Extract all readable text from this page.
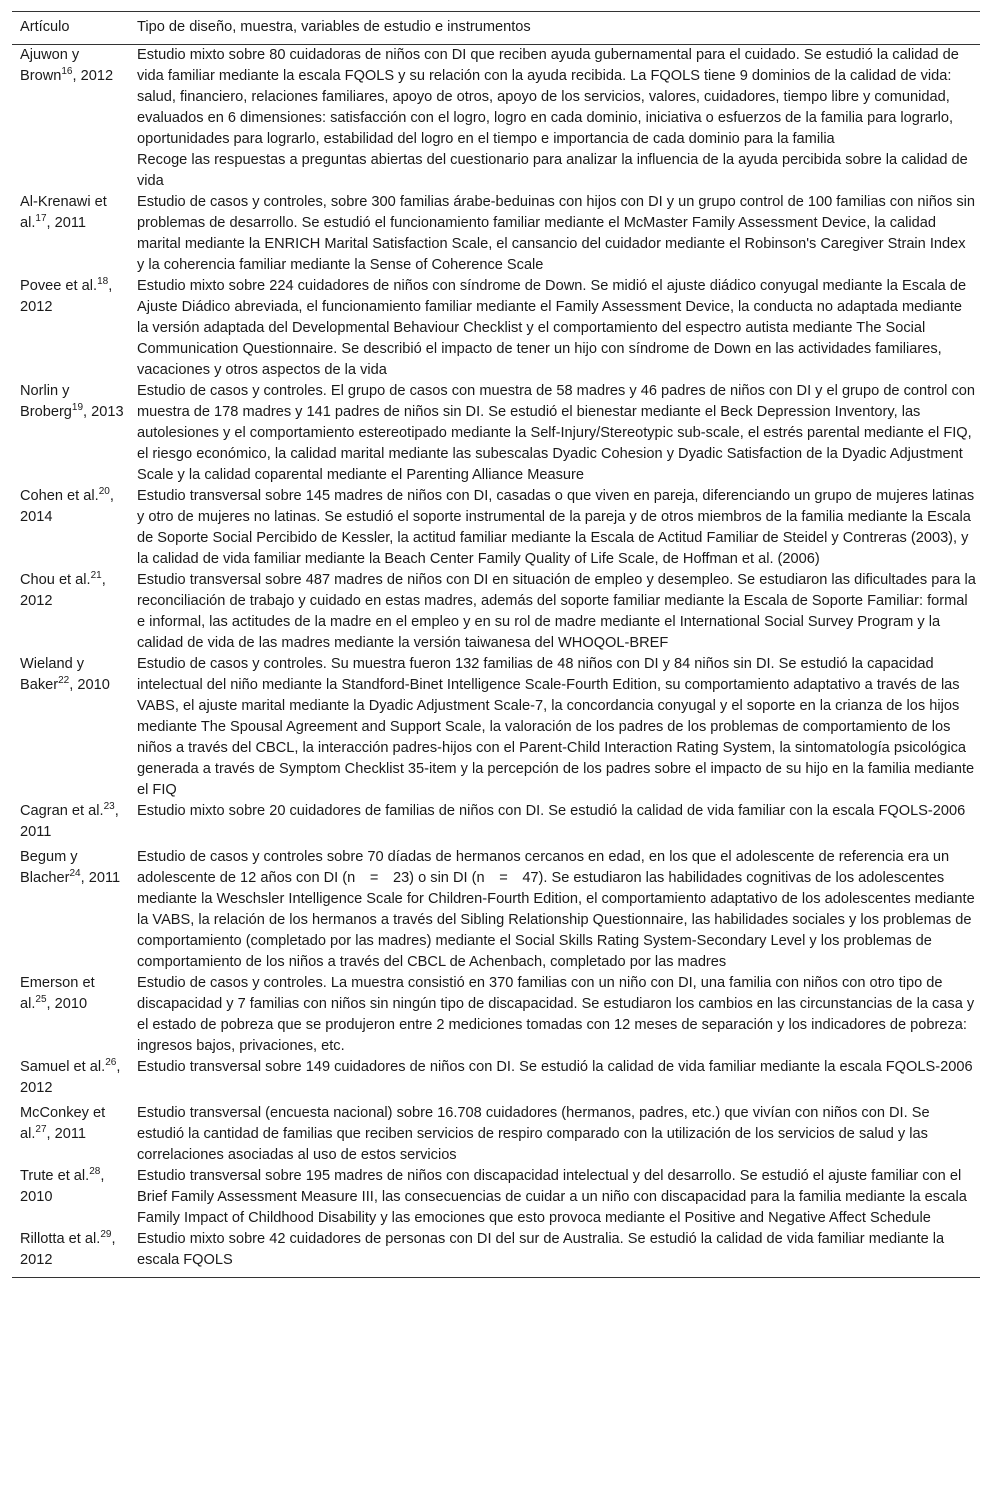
Artículo	Tipo de diseño, muestra, variables de estudio e instrumentos
Ajuwon y Brown$^{16}$, 2012	Estudio mixto sobre 80 cuidadoras de niños con DI que reciben ayuda gubernamental para el cuidado. Se estudió la calidad de vida familiar mediante la escala FQOLS y su relación con la ayuda recibida. La FQOLS tiene 9 dominios de la calidad de vida: salud, financiero, relaciones familiares, apoyo de otros, apoyo de los servicios, valores, cuidadores, tiempo libre y comunidad, evaluados en 6 dimensiones: satisfacción con el logro, logro en cada dominio, iniciativa o esfuerzos de la familia para lograrlo, oportunidades para lograrlo, estabilidad del logro en el tiempo e importancia de cada dominio para la familia
Recoge las respuestas a preguntas abiertas del cuestionario para analizar la influencia de la ayuda percibida sobre la calidad de vida

Al-Krenawi et al.$^{17}$, 2011	Estudio de casos y controles, sobre 300 familias árabe-beduinas con hijos con DI y un grupo control de 100 familias con niños sin problemas de desarrollo. Se estudió el funcionamiento familiar mediante el McMaster Family Assessment Device, la calidad marital mediante la ENRICH Marital Satisfaction Scale, el cansancio del cuidador mediante el Robinson's Caregiver Strain Index y la coherencia familiar mediante la Sense of Coherence Scale

Povee et al.$^{18}$, 2012	Estudio mixto sobre 224 cuidadores de niños con síndrome de Down. Se midió el ajuste diádico conyugal mediante la Escala de Ajuste Diádico abreviada, el funcionamiento familiar mediante el Family Assessment Device, la conducta no adaptada mediante la versión adaptada del Developmental Behaviour Checklist y el comportamiento del espectro autista mediante The Social Communication Questionnaire. Se describió el impacto de tener un hijo con síndrome de Down en las actividades familiares, vacaciones y otros aspectos de la vida

Norlin y Broberg$^{19}$, 2013	Estudio de casos y controles. El grupo de casos con muestra de 58 madres y 46 padres de niños con DI y el grupo de control con muestra de 178 madres y 141 padres de niños sin DI. Se estudió el bienestar mediante el Beck Depression Inventory, las autolesiones y el comportamiento estereotipado mediante la Self-Injury/Stereotypic sub-scale, el estrés parental mediante el FIQ, el riesgo económico, la calidad marital mediante las subescalas Dyadic Cohesion y Dyadic Satisfaction de la Dyadic Adjustment Scale y la calidad coparental mediante el Parenting Alliance Measure

Cohen et al.$^{20}$, 2014	Estudio transversal sobre 145 madres de niños con DI, casadas o que viven en pareja, diferenciando un grupo de mujeres latinas y otro de mujeres no latinas. Se estudió el soporte instrumental de la pareja y de otros miembros de la familia mediante la Escala de Soporte Social Percibido de Kessler, la actitud familiar mediante la Escala de Actitud Familiar de Steidel y Contreras (2003), y la calidad de vida familiar mediante la Beach Center Family Quality of Life Scale, de Hoffman et al. (2006)

Chou et al.$^{21}$, 2012	Estudio transversal sobre 487 madres de niños con DI en situación de empleo y desempleo. Se estudiaron las dificultades para la reconciliación de trabajo y cuidado en estas madres, además del soporte familiar mediante la Escala de Soporte Familiar: formal e informal, las actitudes de la madre en el empleo y en su rol de madre mediante el International Social Survey Program y la calidad de vida de las madres mediante la versión taiwanesa del WHOQOL-BREF

Wieland y Baker$^{22}$, 2010	Estudio de casos y controles. Su muestra fueron 132 familias de 48 niños con DI y 84 niños sin DI. Se estudió la capacidad intelectual del niño mediante la Standford-Binet Intelligence Scale-Fourth Edition, su comportamiento adaptativo a través de las VABS, el ajuste marital mediante la Dyadic Adjustment Scale-7, la concordancia conyugal y el soporte en la crianza de los hijos mediante The Spousal Agreement and Support Scale, la valoración de los padres de los problemas de comportamiento de los niños a través del CBCL, la interacción padres-hijos con el Parent-Child Interaction Rating System, la sintomatología psicológica generada a través de Symptom Checklist 35-item y la percepción de los padres sobre el impacto de su hijo en la familia mediante el FIQ

Cagran et al.$^{23}$, 2011	Estudio mixto sobre 20 cuidadores de familias de niños con DI. Se estudió la calidad de vida familiar con la escala FQOLS-2006

Begum y Blacher$^{24}$, 2011	Estudio de casos y controles sobre 70 díadas de hermanos cercanos en edad, en los que el adolescente de referencia era un adolescente de 12 años con DI (n = 23) o sin DI (n = 47). Se estudiaron las habilidades cognitivas de los adolescentes mediante la Weschsler Intelligence Scale for Children-Fourth Edition, el comportamiento adaptativo de los adolescentes mediante la VABS, la relación de los hermanos a través del Sibling Relationship Questionnaire, las habilidades sociales y los problemas de comportamiento (completado por las madres) mediante el Social Skills Rating System-Secondary Level y los problemas de comportamiento de los niños a través del CBCL de Achenbach, completado por las madres

Emerson et al.$^{25}$, 2010	Estudio de casos y controles. La muestra consistió en 370 familias con un niño con DI, una familia con niños con otro tipo de discapacidad y 7 familias con niños sin ningún tipo de discapacidad. Se estudiaron los cambios en las circunstancias de la casa y el estado de pobreza que se produjeron entre 2 mediciones tomadas con 12 meses de separación y los indicadores de pobreza: ingresos bajos, privaciones, etc.

Samuel et al.$^{26}$, 2012	Estudio transversal sobre 149 cuidadores de niños con DI. Se estudió la calidad de vida familiar mediante la escala FQOLS-2006

McConkey et al.$^{27}$, 2011	Estudio transversal (encuesta nacional) sobre 16.708 cuidadores (hermanos, padres, etc.) que vivían con niños con DI. Se estudió la cantidad de familias que reciben servicios de respiro comparado con la utilización de los servicios de salud y las correlaciones asociadas al uso de estos servicios

Trute et al.$^{28}$, 2010	Estudio transversal sobre 195 madres de niños con discapacidad intelectual y del desarrollo. Se estudió el ajuste familiar con el Brief Family Assessment Measure III, las consecuencias de cuidar a un niño con discapacidad para la familia mediante la escala Family Impact of Childhood Disability y las emociones que esto provoca mediante el Positive and Negative Affect Schedule

Rillotta et al.$^{29}$, 2012	Estudio mixto sobre 42 cuidadores de personas con DI del sur de Australia. Se estudió la calidad de vida familiar mediante la escala FQOLS
